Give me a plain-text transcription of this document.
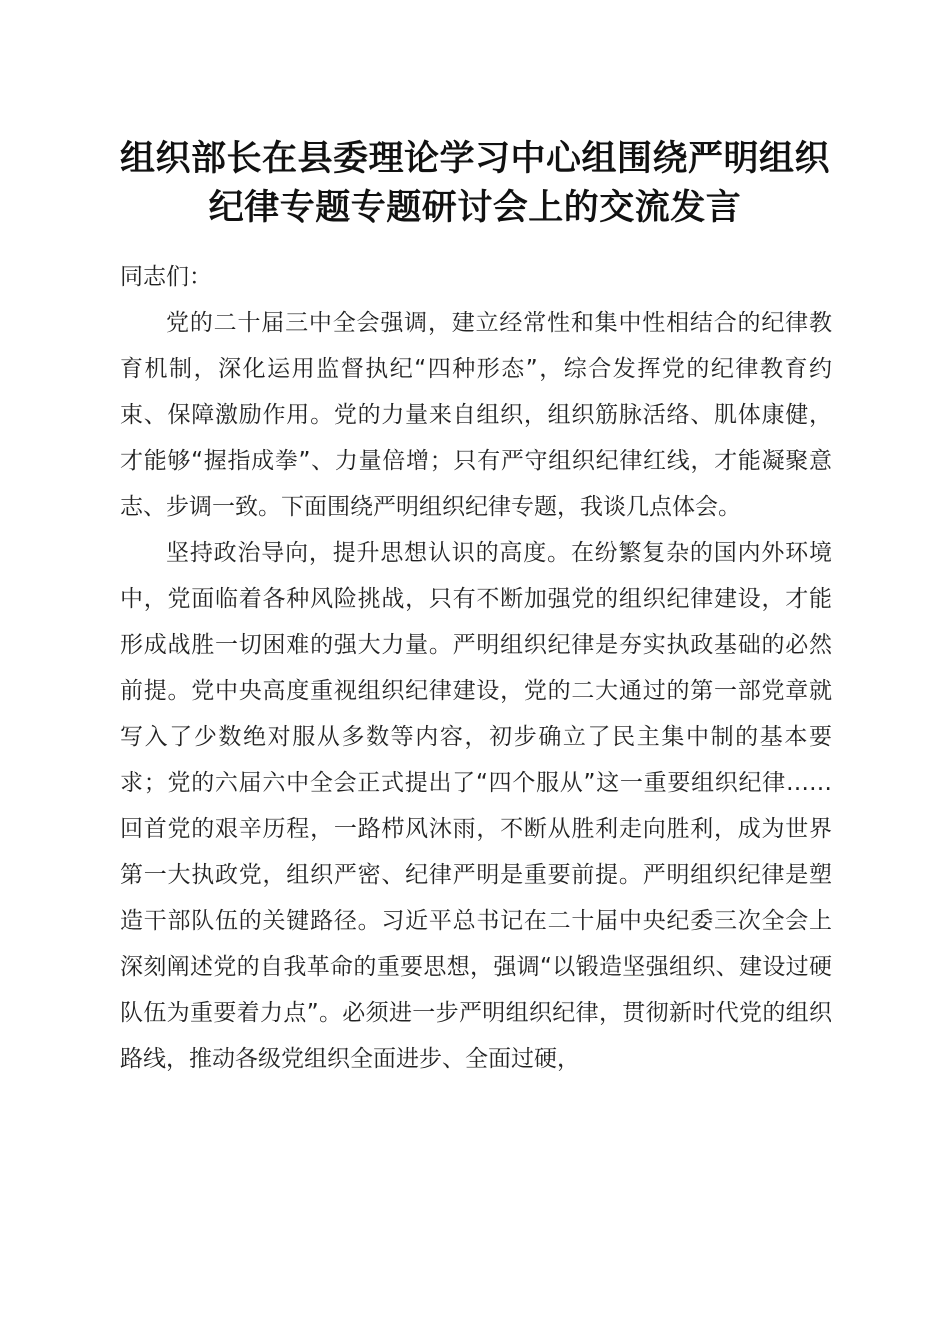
组织部长在县委理论学习中心组围绕严明组织
纪律专题专题研讨会上的交流发言

同志们：

党的二十届三中全会强调，建立经常性和集中性相结合的纪律教育机制，深化运用监督执纪“四种形态”，综合发挥党的纪律教育约束、保障激励作用。党的力量来自组织，组织筋脉活络、肌体康健，才能够“握指成拳”、力量倍增；只有严守组织纪律红线，才能凝聚意志、步调一致。下面围绕严明组织纪律专题，我谈几点体会。

坚持政治导向，提升思想认识的高度。在纷繁复杂的国内外环境中，党面临着各种风险挑战，只有不断加强党的组织纪律建设，才能形成战胜一切困难的强大力量。严明组织纪律是夯实执政基础的必然前提。党中央高度重视组织纪律建设，党的二大通过的第一部党章就写入了少数绝对服从多数等内容，初步确立了民主集中制的基本要求；党的六届六中全会正式提出了“四个服从”这一重要组织纪律……回首党的艰辛历程，一路栉风沐雨，不断从胜利走向胜利，成为世界第一大执政党，组织严密、纪律严明是重要前提。严明组织纪律是塑造干部队伍的关键路径。习近平总书记在二十届中央纪委三次全会上深刻阐述党的自我革命的重要思想，强调“以锻造坚强组织、建设过硬队伍为重要着力点”。必须进一步严明组织纪律，贯彻新时代党的组织路线，推动各级党组织全面进步、全面过硬，
